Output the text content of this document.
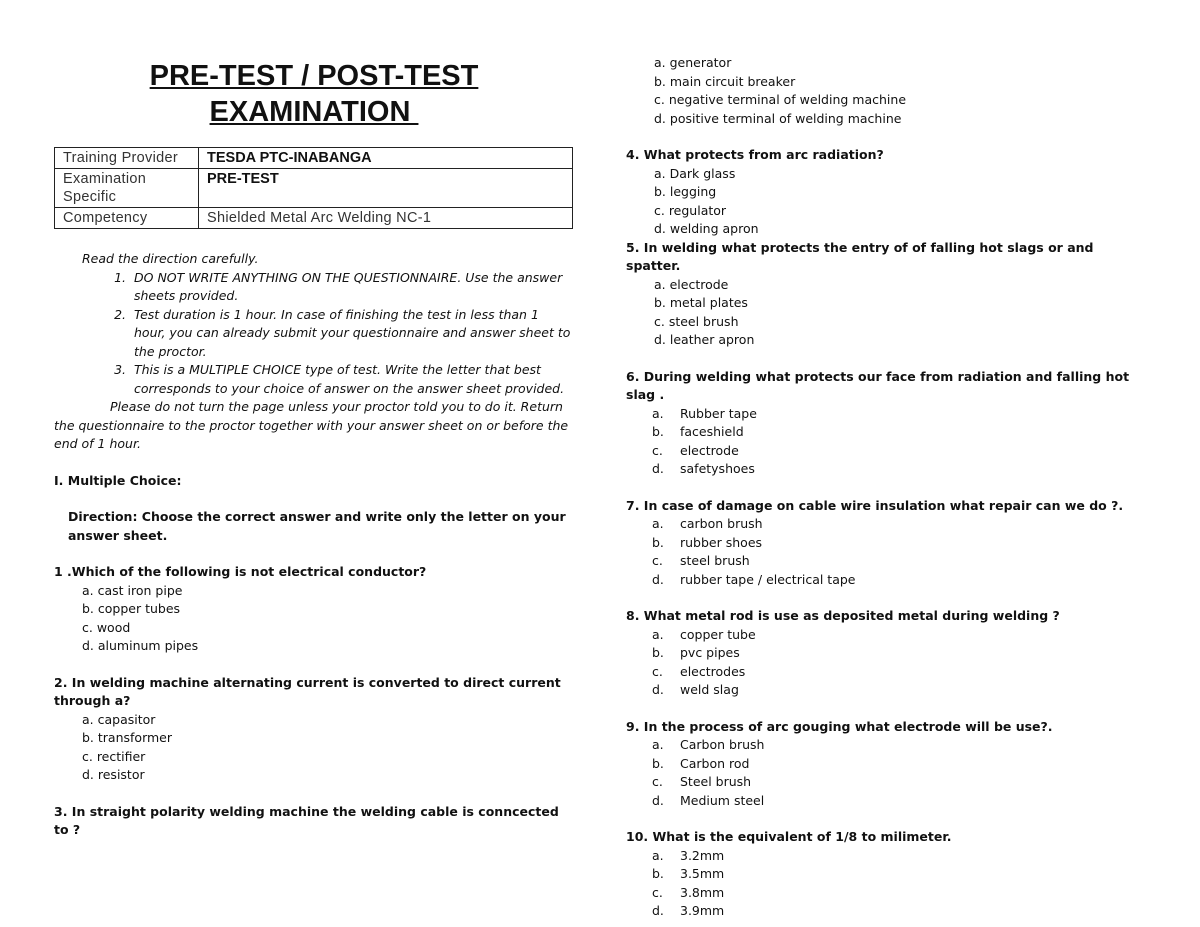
PRE-TEST / POST-TEST
EXAMINATION
Training Provider	TESDA PTC-INABANGA
Examination Specific	PRE-TEST
Competency	Shielded Metal Arc Welding NC-1
Read the direction carefully.
1. DO NOT WRITE ANYTHING ON THE QUESTIONNAIRE. Use the answer sheets provided.
2. Test duration is 1 hour. In case of finishing the test in less than 1 hour, you can already submit your questionnaire and answer sheet to the proctor.
3. This is a MULTIPLE CHOICE type of test. Write the letter that best corresponds to your choice of answer on the answer sheet provided.
Please do not turn the page unless your proctor told you to do it. Return the questionnaire to the proctor together with your answer sheet on or before the end of 1 hour.
I. Multiple Choice:
Direction: Choose the correct answer and write only the letter on your answer sheet.
1 .Which of the following is not electrical conductor?
a. cast iron pipe
b. copper tubes
c. wood
d. aluminum pipes
2. In welding machine alternating current is converted to direct current through a?
a. capasitor
b. transformer
c. rectifier
d. resistor
3. In straight polarity welding machine the welding cable is conncected to ?
a. generator
b. main circuit breaker
c. negative terminal of welding machine
d. positive terminal of welding machine
4. What protects from arc radiation?
a. Dark glass
b. legging
c. regulator
d. welding apron
5. In welding what protects the entry of of falling hot slags or and spatter.
a. electrode
b. metal plates
c. steel brush
d. leather apron
6. During welding what protects our face from radiation and falling hot slag .
a.	Rubber tape
b.	faceshield
c.	electrode
d.	safetyshoes
7. In case of damage on cable wire insulation what repair can we do ?.
a.	carbon brush
b.	rubber shoes
c.	steel brush
d.	rubber tape / electrical tape
8. What metal rod is use as deposited metal during welding ?
a.	copper tube
b.	pvc pipes
c.	electrodes
d.	weld slag
9. In the process of arc gouging what electrode will be use?.
a.	Carbon brush
b.	Carbon rod
c.	Steel brush
d.	Medium steel
10. What is the equivalent of 1/8 to milimeter.
a.	3.2mm
b.	3.5mm
c.	3.8mm
d.	3.9mm
